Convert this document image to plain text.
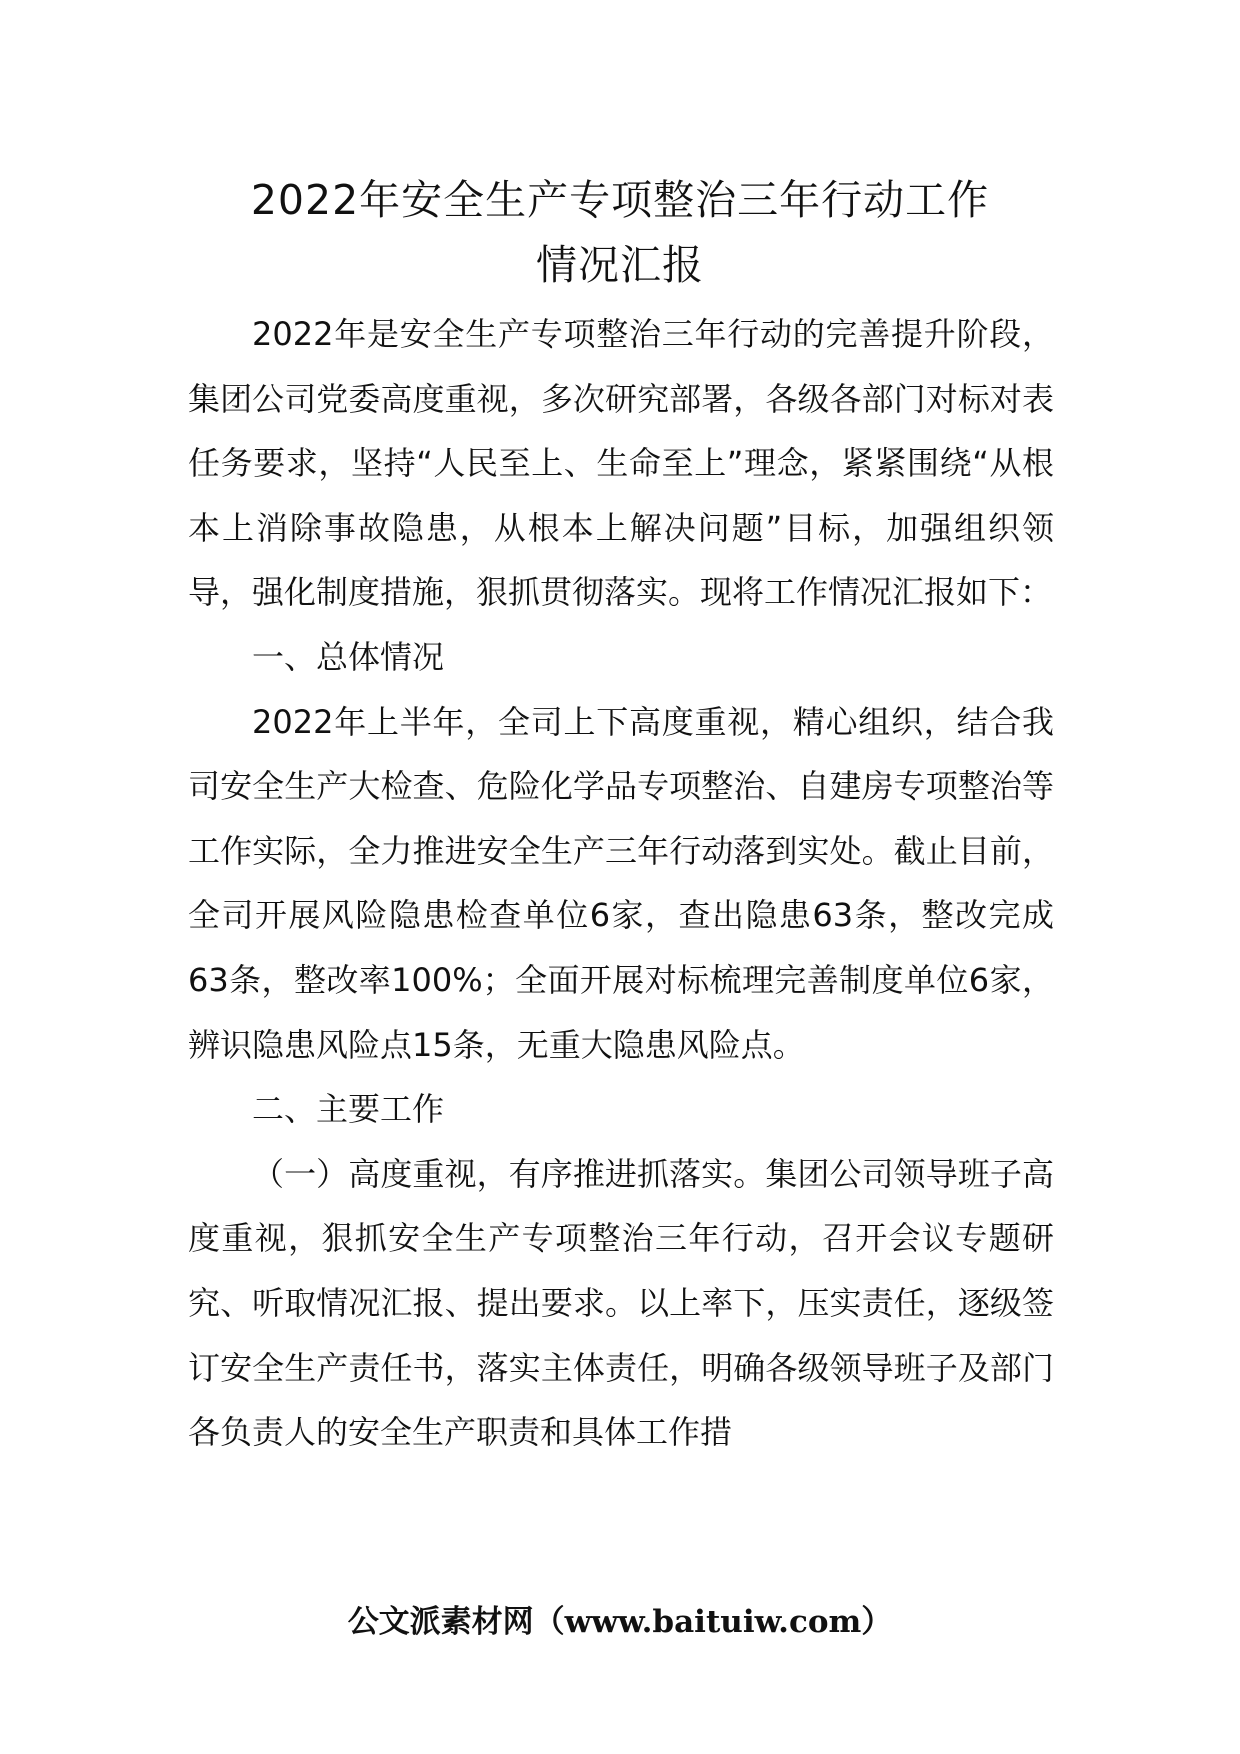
2022年安全生产专项整治三年行动工作
情况汇报

2022年是安全生产专项整治三年行动的完善提升阶段，集团公司党委高度重视，多次研究部署，各级各部门对标对表任务要求，坚持“人民至上、生命至上”理念，紧紧围绕“从根本上消除事故隐患，从根本上解决问题”目标，加强组织领导，强化制度措施，狠抓贯彻落实。现将工作情况汇报如下：

一、总体情况

2022年上半年，全司上下高度重视，精心组织，结合我司安全生产大检查、危险化学品专项整治、自建房专项整治等工作实际，全力推进安全生产三年行动落到实处。截止目前，全司开展风险隐患检查单位6家，查出隐患63条，整改完成63条，整改率100%；全面开展对标梳理完善制度单位6家，辨识隐患风险点15条，无重大隐患风险点。

二、主要工作

（一）高度重视，有序推进抓落实。集团公司领导班子高度重视，狠抓安全生产专项整治三年行动，召开会议专题研究、听取情况汇报、提出要求。以上率下，压实责任，逐级签订安全生产责任书，落实主体责任，明确各级领导班子及部门各负责人的安全生产职责和具体工作措

公文派素材网（www.baituiw.com）
